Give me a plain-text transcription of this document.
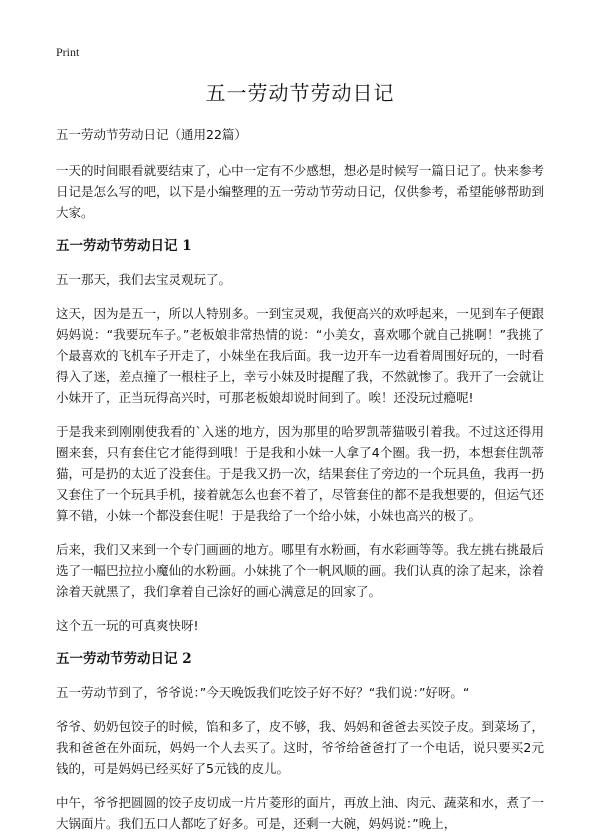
Print
五一劳动节劳动日记
五一劳动节劳动日记（通用22篇）

一天的时间眼看就要结束了，心中一定有不少感想，想必是时候写一篇日记了。快来参考日记是怎么写的吧，以下是小编整理的五一劳动节劳动日记，仅供参考，希望能够帮助到大家。

五一劳动节劳动日记 1

五一那天，我们去宝灵观玩了。

这天，因为是五一，所以人特别多。一到宝灵观，我便高兴的欢呼起来，一见到车子便跟妈妈说：“我要玩车子。”老板娘非常热情的说：“小美女，喜欢哪个就自己挑啊！”我挑了个最喜欢的飞机车子开走了，小妹坐在我后面。我一边开车一边看着周围好玩的，一时看得入了迷，差点撞了一根柱子上，幸亏小妹及时提醒了我，不然就惨了。我开了一会就让小妹开了，正当玩得高兴时，可那老板娘却说时间到了。唉！还没玩过瘾呢!

于是我来到刚刚使我看的`入迷的地方，因为那里的哈罗凯蒂猫吸引着我。不过这还得用圈来套，只有套住它才能得到哦！于是我和小妹一人拿了4个圈。我一扔，本想套住凯蒂猫，可是扔的太近了没套住。于是我又扔一次，结果套住了旁边的一个玩具鱼，我再一扔又套住了一个玩具手机，接着就怎么也套不着了，尽管套住的都不是我想要的，但运气还算不错，小妹一个都没套住呢！于是我给了一个给小妹，小妹也高兴的极了。

后来，我们又来到一个专门画画的地方。哪里有水粉画，有水彩画等等。我左挑右挑最后选了一幅巴拉拉小魔仙的水粉画。小妹挑了个一帆风顺的画。我们认真的涂了起来，涂着涂着天就黑了，我们拿着自己涂好的画心满意足的回家了。

这个五一玩的可真爽快呀!

五一劳动节劳动日记 2

五一劳动节到了，爷爷说：”今天晚饭我们吃饺子好不好？“我们说：”好呀。“

爷爷、奶奶包饺子的时候，馅和多了，皮不够，我、妈妈和爸爸去买饺子皮。到菜场了，我和爸爸在外面玩，妈妈一个人去买了。这时，爷爷给爸爸打了一个电话，说只要买2元钱的，可是妈妈已经买好了5元钱的皮儿。

中午，爷爷把圆圆的饺子皮切成一片片菱形的面片，再放上油、肉元、蔬菜和水，煮了一大锅面片。我们五口人都吃了好多。可是，还剩一大碗，妈妈说：”晚上，
